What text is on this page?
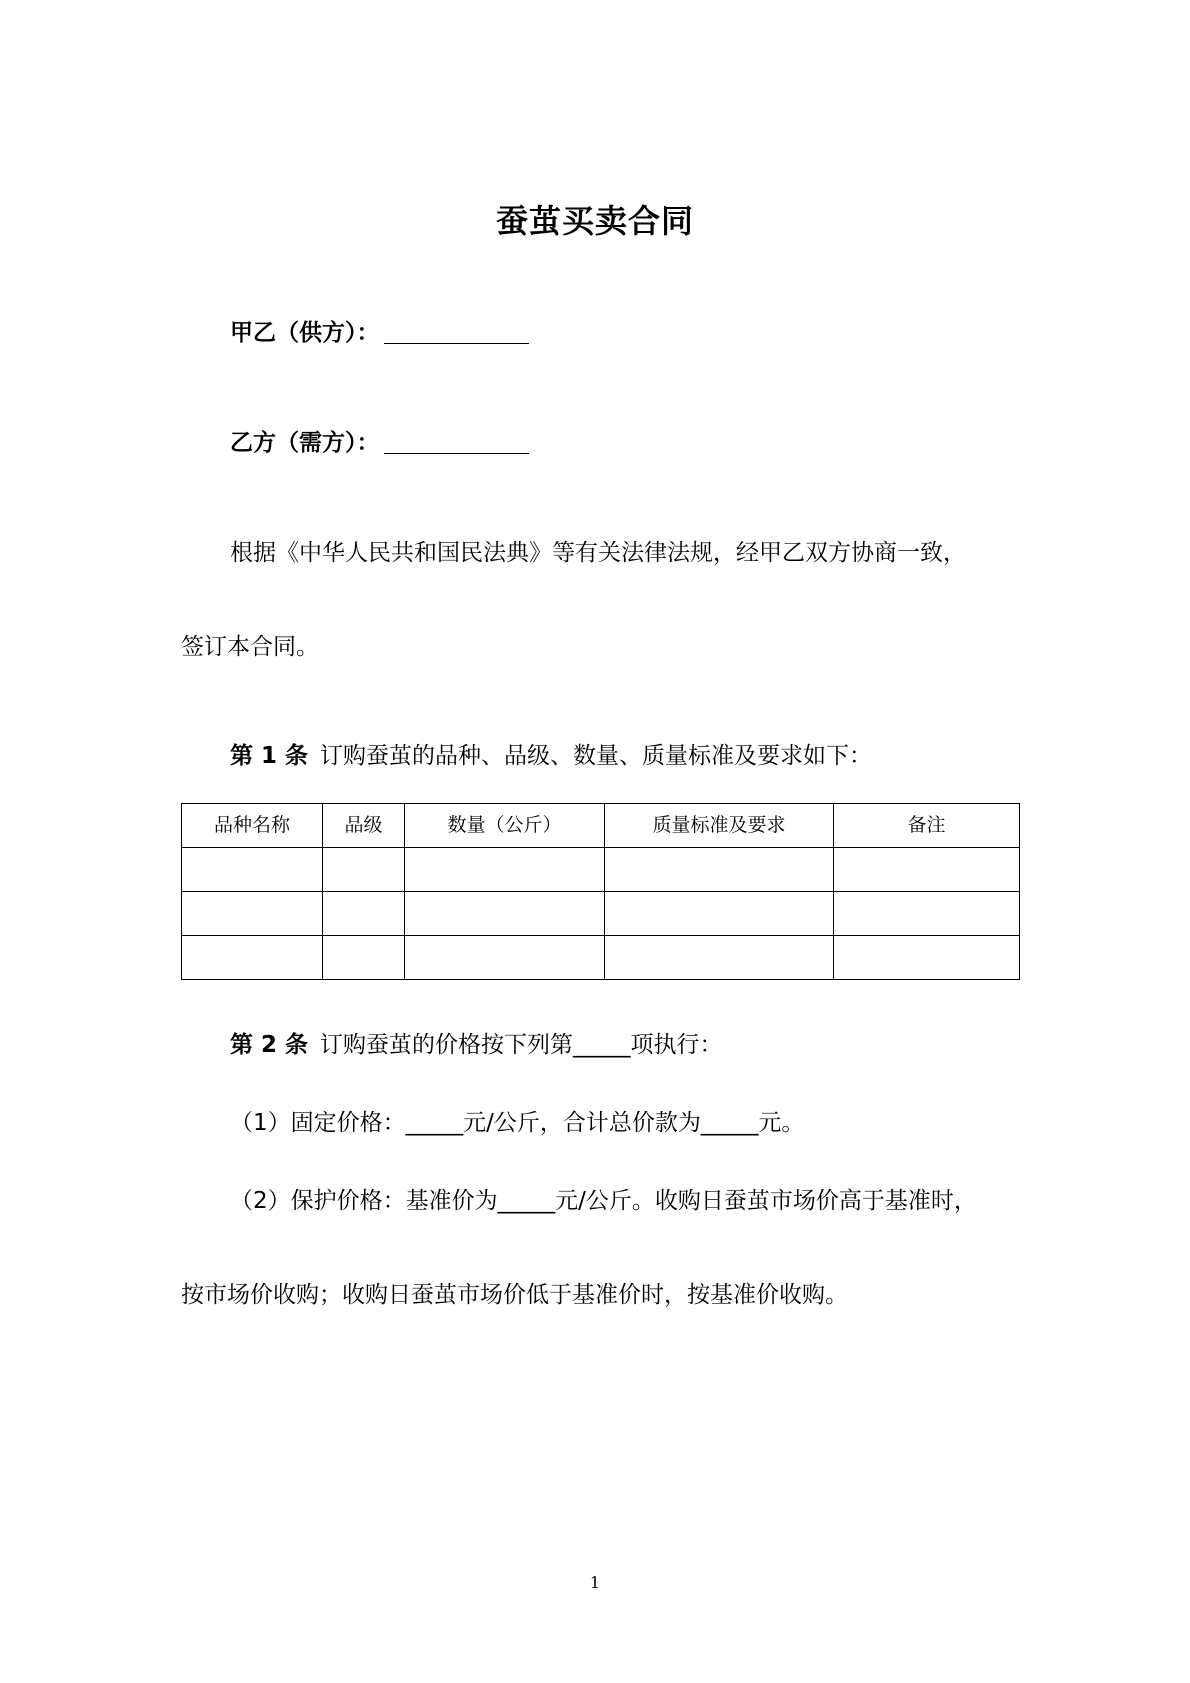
蚕茧买卖合同
甲乙（供方）：
乙方（需方）：
根据《中华人民共和国民法典》等有关法律法规，经甲乙双方协商一致，
签订本合同。
第 1 条 订购蚕茧的品种、品级、数量、质量标准及要求如下：
品种名称	品级	数量（公斤）	质量标准及要求	备注

第 2 条 订购蚕茧的价格按下列第_____项执行：
（1）固定价格：_____元/公斤，合计总价款为_____元。
（2）保护价格：基准价为_____元/公斤。收购日蚕茧市场价高于基准时，
按市场价收购；收购日蚕茧市场价低于基准价时，按基准价收购。
1
